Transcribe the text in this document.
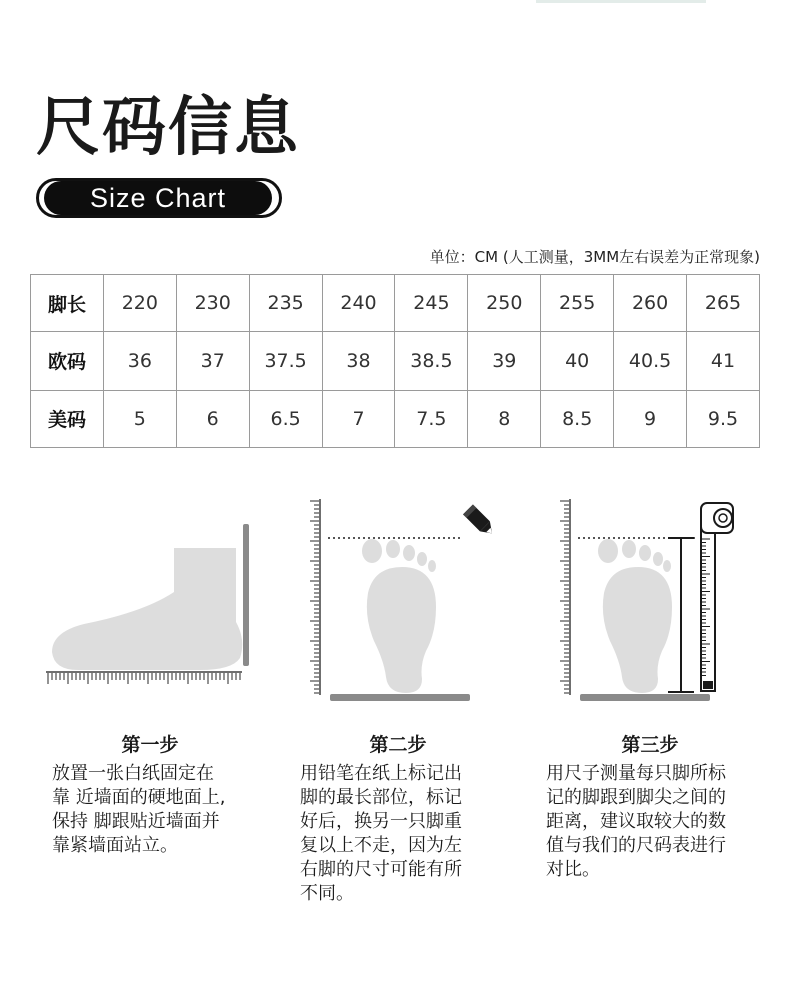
尺码信息
Size Chart
单位：CM (人工测量，3MM左右误差为正常现象)
脚长	220	230	235	240	245	250	255	260	265
欧码	36	37	37.5	38	38.5	39	40	40.5	41
美码	5	6	6.5	7	7.5	8	8.5	9	9.5
第一步
放置一张白纸固定在
靠 近墙面的硬地面上,
保持 脚跟贴近墙面并
靠紧墙面站立。
第二步
用铅笔在纸上标记出
脚的最长部位，标记
好后，换另一只脚重
复以上不走，因为左
右脚的尺寸可能有所
不同。
第三步
用尺子测量每只脚所标
记的脚跟到脚尖之间的
距离，建议取较大的数
值与我们的尺码表进行
对比。
